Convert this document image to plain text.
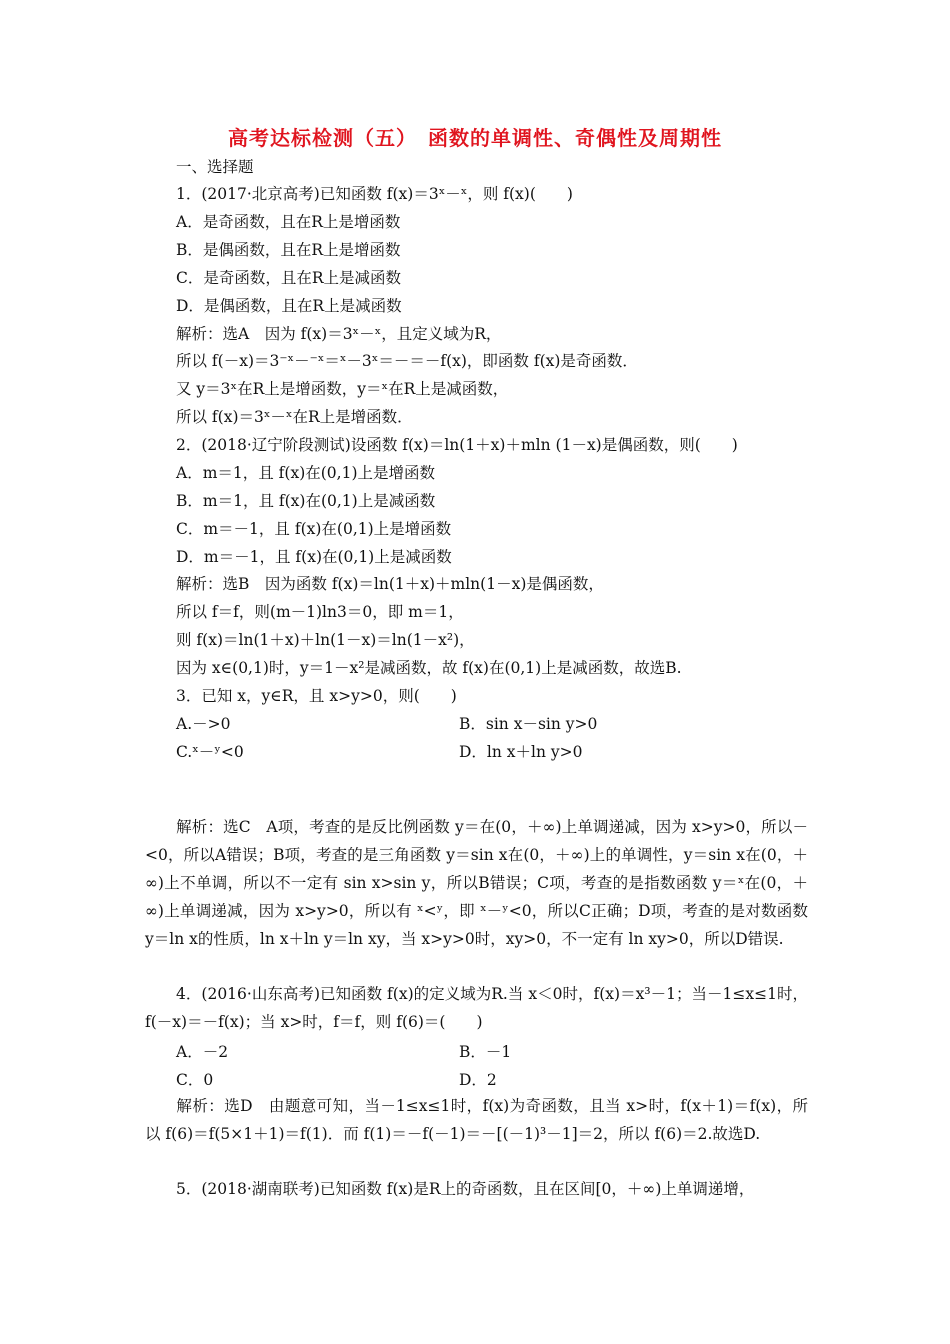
高考达标检测（五）　函数的单调性、奇偶性及周期性
一、选择题
1．(2017·北京高考)已知函数 f(x)＝3ˣ－ˣ，则 f(x)(　　)
A．是奇函数，且在R上是增函数
B．是偶函数，且在R上是增函数
C．是奇函数，且在R上是减函数
D．是偶函数，且在R上是减函数
解析：选A　因为 f(x)＝3ˣ－ˣ，且定义域为R，
所以 f(－x)＝3⁻ˣ－⁻ˣ＝ˣ－3ˣ＝－＝－f(x)，即函数 f(x)是奇函数．
又 y＝3ˣ在R上是增函数，y＝ˣ在R上是减函数，
所以 f(x)＝3ˣ－ˣ在R上是增函数．
2．(2018·辽宁阶段测试)设函数 f(x)＝ln(1＋x)＋mln (1－x)是偶函数，则(　　)
A．m＝1，且 f(x)在(0,1)上是增函数
B．m＝1，且 f(x)在(0,1)上是减函数
C．m＝－1，且 f(x)在(0,1)上是增函数
D．m＝－1，且 f(x)在(0,1)上是减函数
解析：选B　因为函数 f(x)＝ln(1＋x)＋mln(1－x)是偶函数，
所以 f＝f，则(m－1)ln3＝0，即 m＝1，
则 f(x)＝ln(1＋x)＋ln(1－x)＝ln(1－x²)，
因为 x∈(0,1)时，y＝1－x²是减函数，故 f(x)在(0,1)上是减函数，故选B.
3．已知 x，y∈R，且 x>y>0，则(　　)
A.－>0	B．sin x－sin y>0
C.ˣ－ʸ<0	D．ln x＋ln y>0
解析：选C　A项，考查的是反比例函数 y＝在(0，＋∞)上单调递减，因为 x>y>0，所以－<0，所以A错误；B项，考查的是三角函数 y＝sin x在(0，＋∞)上的单调性，y＝sin x在(0，＋∞)上不单调，所以不一定有 sin x>sin y，所以B错误；C项，考查的是指数函数 y＝ˣ在(0，＋∞)上单调递减，因为 x>y>0，所以有 ˣ<ʸ，即 ˣ－ʸ<0，所以C正确；D项，考查的是对数函数 y＝ln x的性质，ln x＋ln y＝ln xy，当 x>y>0时，xy>0，不一定有 ln xy>0，所以D错误.
4．(2016·山东高考)已知函数 f(x)的定义域为R.当 x＜0时，f(x)＝x³－1；当－1≤x≤1时，f(－x)＝－f(x)；当 x>时，f＝f，则 f(6)＝(　　)
A．－2	B．－1
C．0	D．2
解析：选D　由题意可知，当－1≤x≤1时，f(x)为奇函数，且当 x>时，f(x＋1)＝f(x)，所以 f(6)＝f(5×1＋1)＝f(1)．而 f(1)＝－f(－1)＝－[(－1)³－1]＝2，所以 f(6)＝2.故选D.
5．(2018·湖南联考)已知函数 f(x)是R上的奇函数，且在区间[0，＋∞)上单调递增，
